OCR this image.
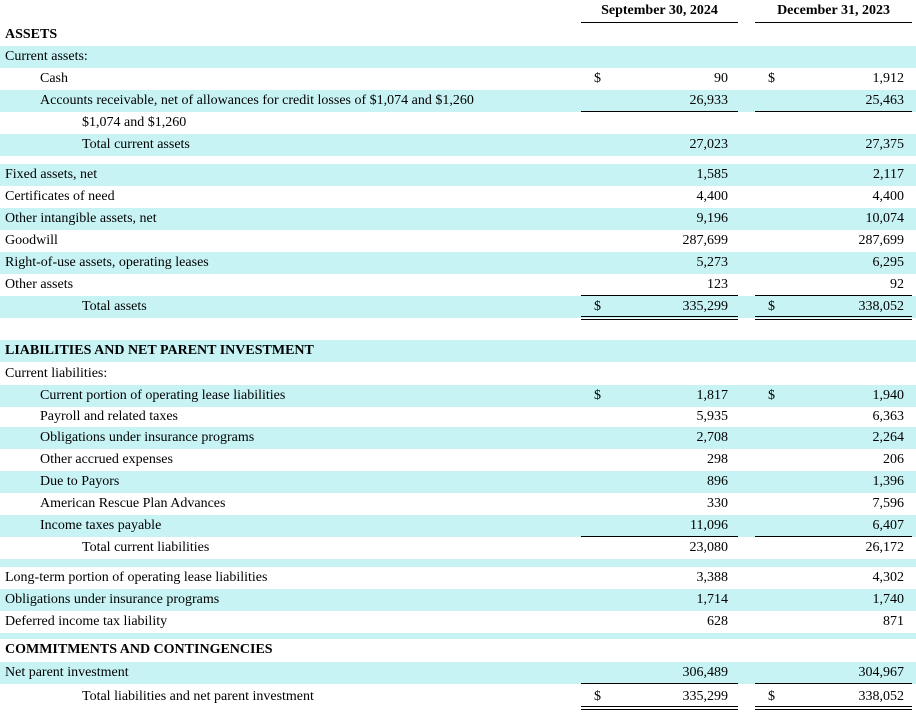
September 30, 2024	December 31, 2023
ASSETS
Current assets:
Cash	$	90	$	1,912
Accounts receivable, net of allowances for credit losses of $1,074 and $1,260	26,933	25,463
$1,074 and $1,260
Total current assets	27,023	27,375
Fixed assets, net	1,585	2,117
Certificates of need	4,400	4,400
Other intangible assets, net	9,196	10,074
Goodwill	287,699	287,699
Right-of-use assets, operating leases	5,273	6,295
Other assets	123	92
Total assets	$	335,299	$	338,052
LIABILITIES AND NET PARENT INVESTMENT
Current liabilities:
Current portion of operating lease liabilities	$	1,817	$	1,940
Payroll and related taxes	5,935	6,363
Obligations under insurance programs	2,708	2,264
Other accrued expenses	298	206
Due to Payors	896	1,396
American Rescue Plan Advances	330	7,596
Income taxes payable	11,096	6,407
Total current liabilities	23,080	26,172
Long-term portion of operating lease liabilities	3,388	4,302
Obligations under insurance programs	1,714	1,740
Deferred income tax liability	628	871
COMMITMENTS AND CONTINGENCIES
Net parent investment	306,489	304,967
Total liabilities and net parent investment	$	335,299	$	338,052
